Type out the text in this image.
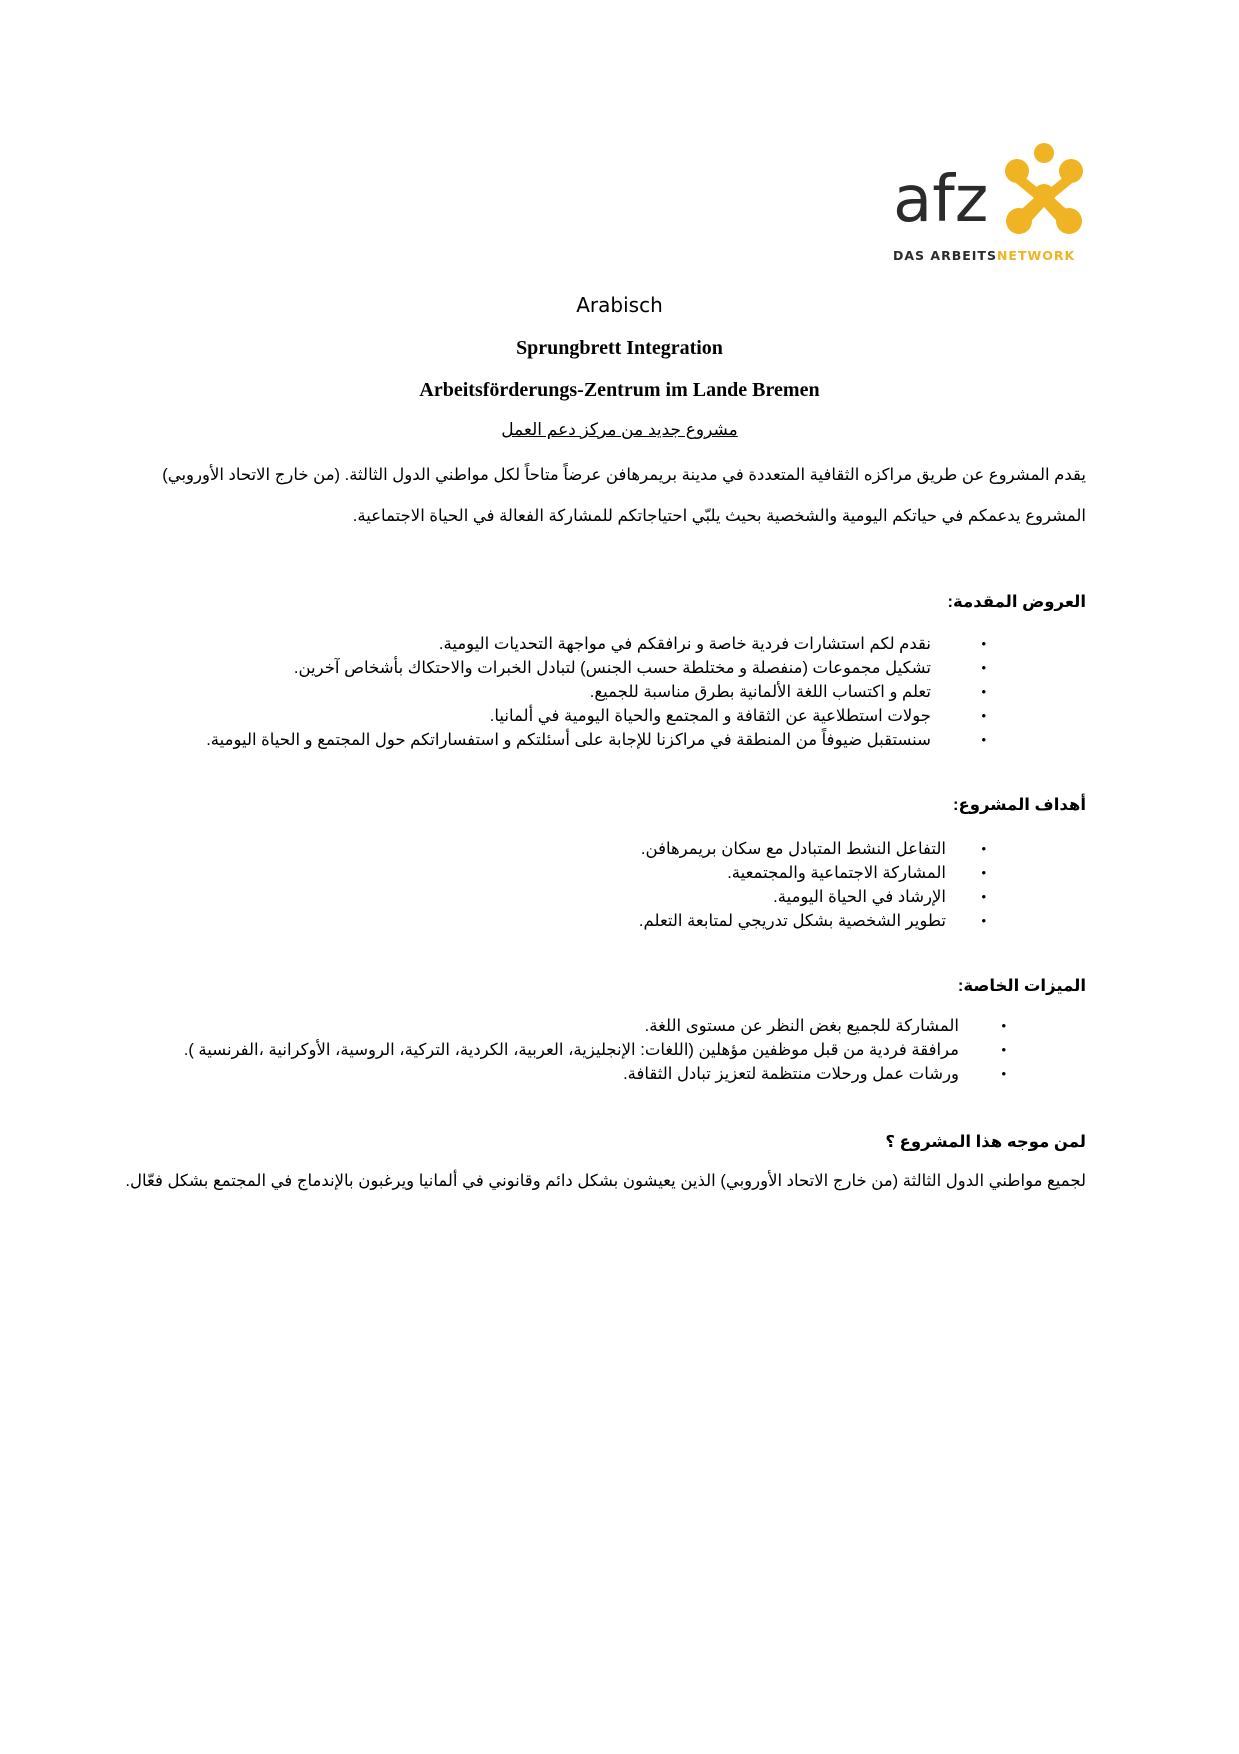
afz
DAS ARBEITSNETWORK
Arabisch
Sprungbrett Integration
Arbeitsförderungs-Zentrum im Lande Bremen
مشروع جديد من مركز دعم العمل
يقدم المشروع عن طريق مراكزه الثقافية المتعددة في مدينة بريمرهافن عرضاً متاحاً لكل مواطني الدول الثالثة. (من خارج الاتحاد الأوروبي)
المشروع يدعمكم في حياتكم اليومية والشخصية بحيث يلبّي احتياجاتكم للمشاركة الفعالة في الحياة الاجتماعية.
العروض المقدمة:
•
نقدم لكم استشارات فردية خاصة و نرافقكم في مواجهة التحديات اليومية.
•
تشكيل مجموعات (منفصلة و مختلطة حسب الجنس) لتبادل الخبرات والاحتكاك بأشخاص آخرين.
•
تعلم و اكتساب اللغة الألمانية بطرق مناسبة للجميع.
•
جولات استطلاعية عن الثقافة و المجتمع والحياة اليومية في ألمانيا.
•
سنستقبل ضيوفاً من المنطقة في مراكزنا للإجابة على أسئلتكم و استفساراتكم حول المجتمع و الحياة اليومية.
أهداف المشروع:
•
التفاعل النشط المتبادل مع سكان بريمرهافن.
•
المشاركة الاجتماعية والمجتمعية.
•
الإرشاد في الحياة اليومية.
•
تطوير الشخصية بشكل تدريجي لمتابعة التعلم.
الميزات الخاصة:
•
المشاركة للجميع بغض النظر عن مستوى اللغة.
•
مرافقة فردية من قبل موظفين مؤهلين (اللغات: الإنجليزية، العربية، الكردية، التركية، الروسية، الأوكرانية ،الفرنسية ).
•
ورشات عمل ورحلات منتظمة لتعزيز تبادل الثقافة.
لمن موجه هذا المشروع ؟
لجميع مواطني الدول الثالثة (من خارج الاتحاد الأوروبي) الذين يعيشون بشكل دائم وقانوني في ألمانيا ويرغبون بالإندماج في المجتمع بشكل فعّال.
